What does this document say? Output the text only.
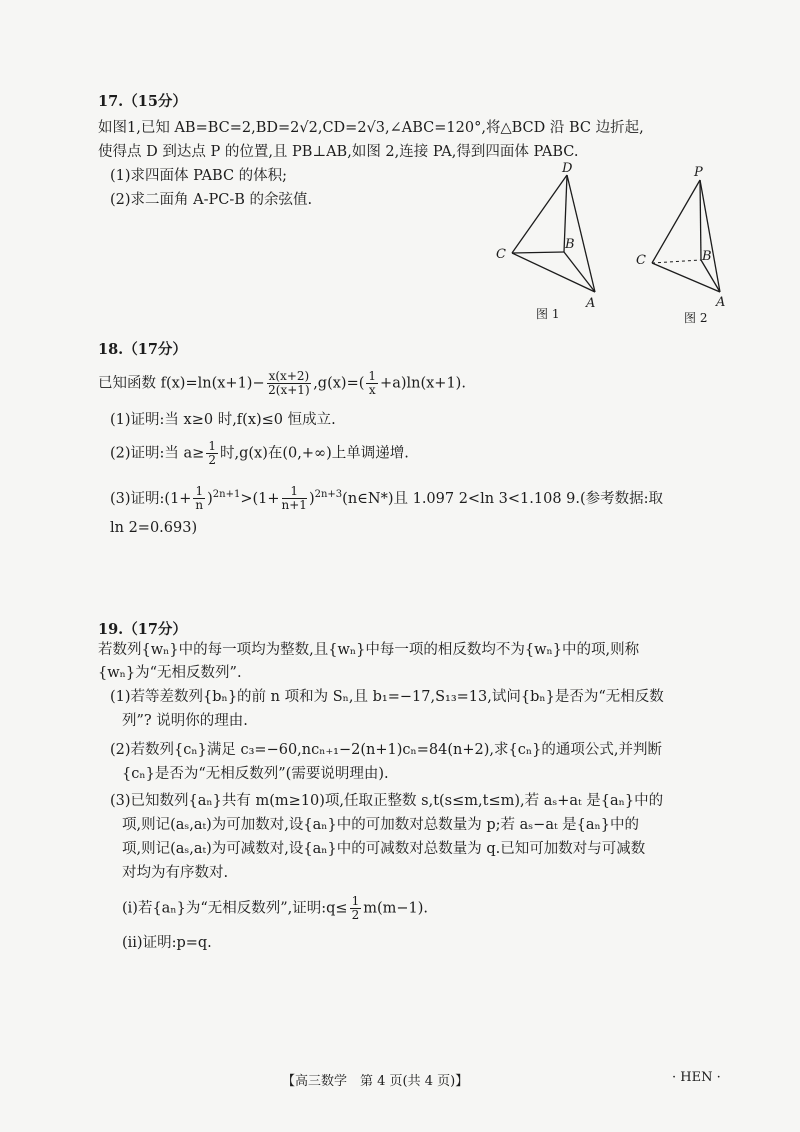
17.（15分）
如图1,已知 AB=BC=2,BD=2√2,CD=2√3,∠ABC=120°,将△BCD 沿 BC 边折起,
使得点 D 到达点 P 的位置,且 PB⊥AB,如图 2,连接 PA,得到四面体 PABC.
(1)求四面体 PABC 的体积;
(2)求二面角 A-PC-B 的余弦值.
D
C
B
A
图 1
P
C	B
A
图 2
18.（17分）
已知函数 $f(x)=\ln(x+1)- \frac{x(x+2)}{2(x+1)} ,g(x)=( \frac{1}{x} +a)\ln(x+1)$.
(1)证明:当 x≥0 时,f(x)≤0 恒成立.
(2)证明:当 $a\ge \frac{1}{2}$ 时,g(x)在(0,+∞)上单调递增.
(3)证明:(1+ $\frac{1}{n} )^{2n+1}>(1+ \frac{1}{n+1}$ )$^{2n+3}(n\in N*)$且 1.097 2<ln 3<1.108 9.(参考数据:取
ln 2=0.693)
19.（17分）
若数列{wₙ}中的每一项均为整数,且{wₙ}中每一项的相反数均不为{wₙ}中的项,则称
{wₙ}为“无相反数列”.
(1)若等差数列{bₙ}的前 n 项和为 Sₙ,且 b₁=−17,S₁₃=13,试问{bₙ}是否为“无相反数
列”? 说明你的理由.
(2)若数列{cₙ}满足 c₃=−60,ncₙ₊₁−2(n+1)cₙ=84(n+2),求{cₙ}的通项公式,并判断
{cₙ}是否为“无相反数列”(需要说明理由).
(3)已知数列{aₙ}共有 m(m≥10)项,任取正整数 s,t(s≤m,t≤m),若 aₛ+aₜ 是{aₙ}中的
项,则记(aₛ,aₜ)为可加数对,设{aₙ}中的可加数对总数量为 p;若 aₛ−aₜ 是{aₙ}中的
项,则记(aₛ,aₜ)为可减数对,设{aₙ}中的可减数对总数量为 q.已知可加数对与可减数
对均为有序数对.
(ⅰ)若{aₙ}为“无相反数列”,证明:q≤ $\frac{1}{2} m(m-1)$.
(ⅱ)证明:p=q.
【高三数学　第 4 页(共 4 页)】	· HEN ·
